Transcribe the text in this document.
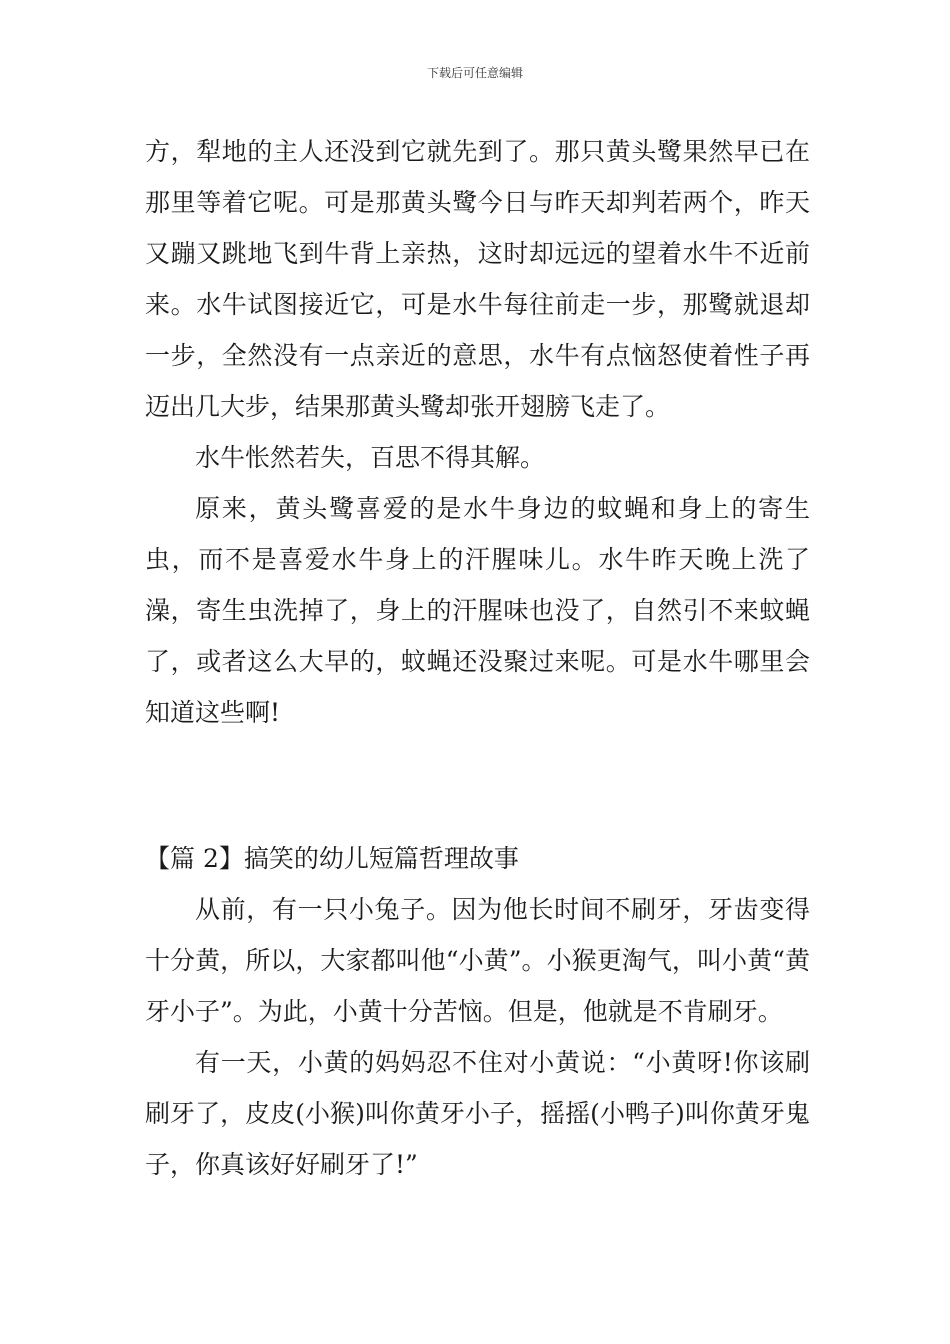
下载后可任意编辑

方，犁地的主人还没到它就先到了。那只黄头鹭果然早已在那里等着它呢。可是那黄头鹭今日与昨天却判若两个，昨天又蹦又跳地飞到牛背上亲热，这时却远远的望着水牛不近前来。水牛试图接近它，可是水牛每往前走一步，那鹭就退却一步，全然没有一点亲近的意思，水牛有点恼怒使着性子再迈出几大步，结果那黄头鹭却张开翅膀飞走了。

水牛怅然若失，百思不得其解。

原来，黄头鹭喜爱的是水牛身边的蚊蝇和身上的寄生虫，而不是喜爱水牛身上的汗腥味儿。水牛昨天晚上洗了澡，寄生虫洗掉了，身上的汗腥味也没了，自然引不来蚊蝇了，或者这么大早的，蚊蝇还没聚过来呢。可是水牛哪里会知道这些啊!

【篇 2】搞笑的幼儿短篇哲理故事

从前，有一只小兔子。因为他长时间不刷牙，牙齿变得十分黄，所以，大家都叫他“小黄”。小猴更淘气，叫小黄“黄牙小子”。为此，小黄十分苦恼。但是，他就是不肯刷牙。

有一天，小黄的妈妈忍不住对小黄说：“小黄呀!你该刷刷牙了，皮皮(小猴)叫你黄牙小子，摇摇(小鸭子)叫你黄牙鬼子，你真该好好刷牙了!”
